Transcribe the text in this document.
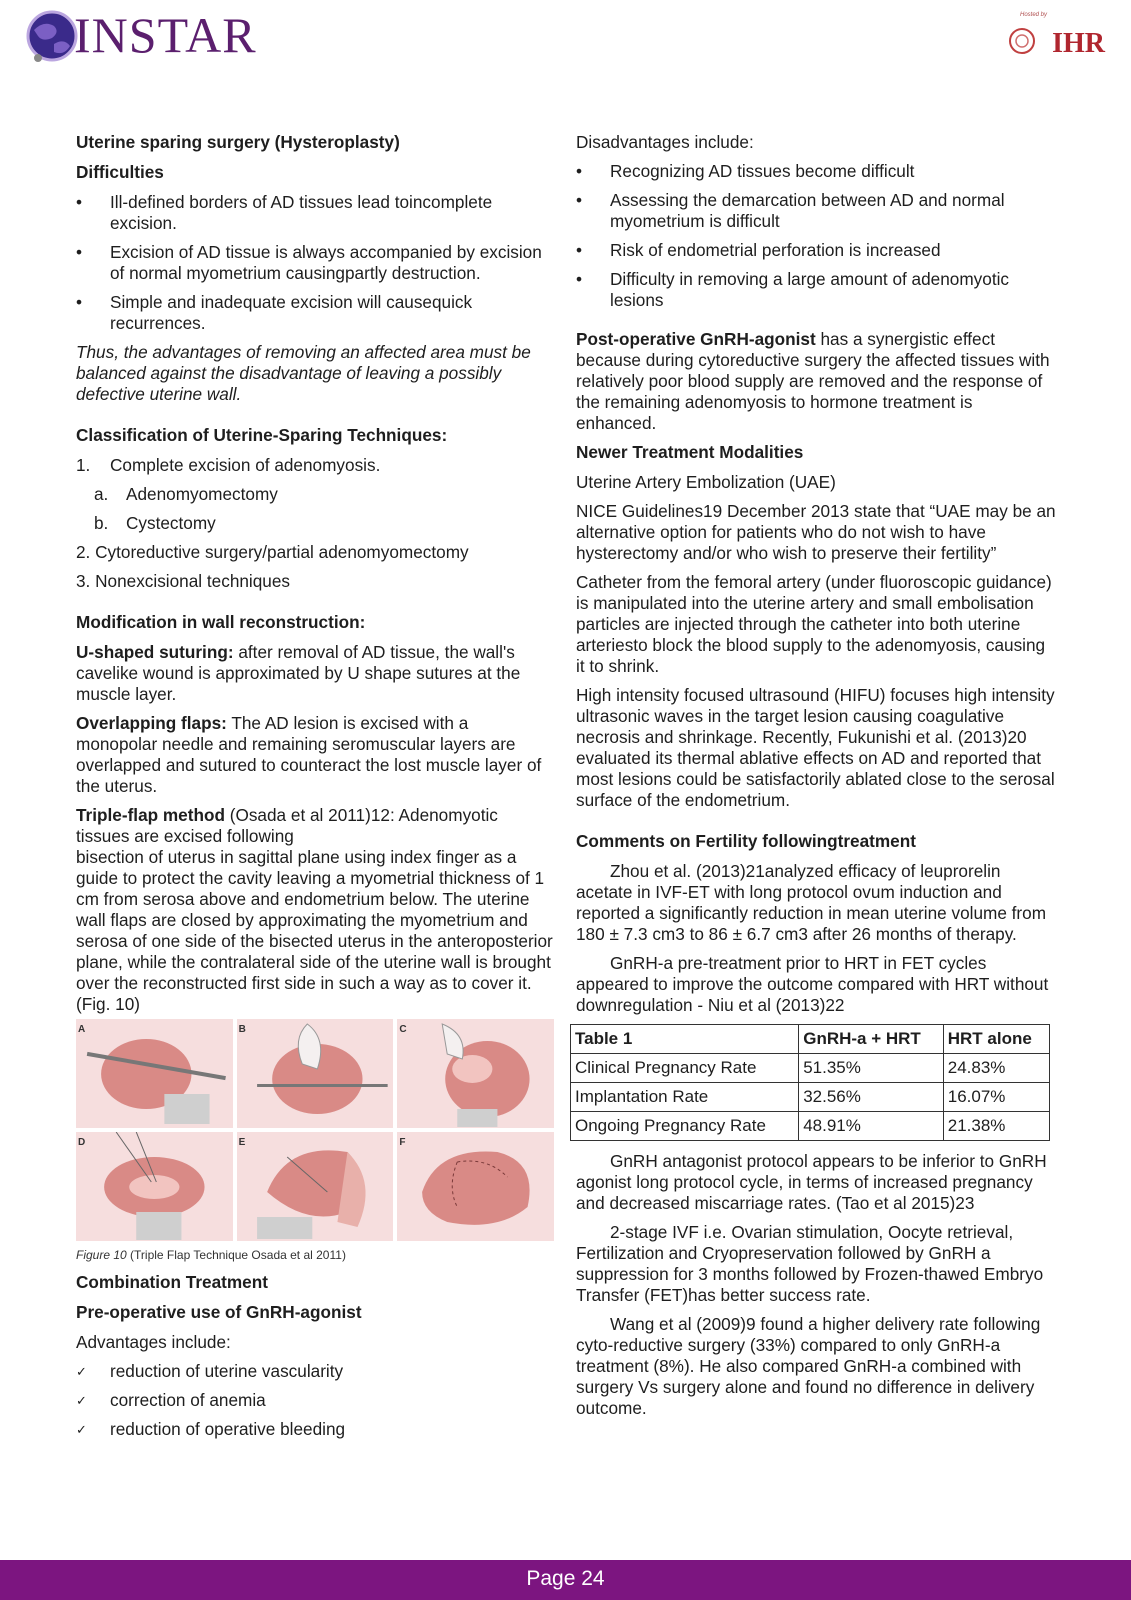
INSTAR	Hosted by
IHR

Uterine sparing surgery (Hysteroplasty)

Difficulties

• Ill-defined borders of AD tissues lead toincomplete excision.
• Excision of AD tissue is always accompanied by excision of normal myometrium causingpartly destruction.
• Simple and inadequate excision will causequick recurrences.

Thus, the advantages of removing an affected area must be balanced against the disadvantage of leaving a possibly defective uterine wall.

Classification of Uterine-Sparing Techniques:

1.	Complete excision of adenomyosis.
a.	Adenomyomectomy
b.	Cystectomy

2. Cytoreductive surgery/partial adenomyomectomy

3. Nonexcisional techniques

Modification in wall reconstruction:

U-shaped suturing: after removal of AD tissue, the wall's cavelike wound is approximated by U shape sutures at the muscle layer.

Overlapping flaps: The AD lesion is excised with a monopolar needle and remaining seromuscular layers are overlapped and sutured to counteract the lost muscle layer of the uterus.

Triple-flap method (Osada et al 2011)12: Adenomyotic tissues are excised following
bisection of uterus in sagittal plane using index finger as a guide to protect the cavity leaving a myometrial thickness of 1 cm from serosa above and endometrium below. The uterine wall flaps are closed by approximating the myometrium and serosa of one side of the bisected uterus in the anteroposterior plane, while the contralateral side of the uterine wall is brought over the reconstructed first side in such a way as to cover it. (Fig. 10)

A	B	C
D	E	F

Figure 10 (Triple Flap Technique Osada et al 2011)

Combination Treatment

Pre-operative use of GnRH-agonist

Advantages include:

✓ reduction of uterine vascularity
✓ correction of anemia
✓ reduction of operative bleeding

Disadvantages include:

• Recognizing AD tissues become difficult
• Assessing the demarcation between AD and normal myometrium is difficult
• Risk of endometrial perforation is increased
• Difficulty in removing a large amount of adenomyotic lesions

Post-operative GnRH-agonist has a synergistic effect because during cytoreductive surgery the affected tissues with relatively poor blood supply are removed and the response of the remaining adenomyosis to hormone treatment is enhanced.

Newer Treatment Modalities

Uterine Artery Embolization (UAE)

NICE Guidelines19 December 2013 state that “UAE may be an alternative option for patients who do not wish to have hysterectomy and/or who wish to preserve their fertility”

Catheter from the femoral artery (under fluoroscopic guidance) is manipulated into the uterine artery and small embolisation particles are injected through the catheter into both uterine arteriesto block the blood supply to the adenomyosis, causing it to shrink.

High intensity focused ultrasound (HIFU) focuses high intensity ultrasonic waves in the target lesion causing coagulative necrosis and shrinkage. Recently, Fukunishi et al. (2013)20 evaluated its thermal ablative effects on AD and reported that most lesions could be satisfactorily ablated close to the serosal surface of the endometrium.

Comments on Fertility followingtreatment

Zhou et al. (2013)21analyzed efficacy of leuprorelin acetate in IVF-ET with long protocol ovum induction and reported a significantly reduction in mean uterine volume from 180 ± 7.3 cm3 to 86 ± 6.7 cm3 after 26 months of therapy.

GnRH-a pre-treatment prior to HRT in FET cycles appeared to improve the outcome compared with HRT without downregulation - Niu et al (2013)22

Table 1	GnRH-a + HRT	HRT alone
Clinical Pregnancy Rate	51.35%	24.83%
Implantation Rate	32.56%	16.07%
Ongoing Pregnancy Rate	48.91%	21.38%

GnRH antagonist protocol appears to be inferior to GnRH agonist long protocol cycle, in terms of increased pregnancy and decreased miscarriage rates. (Tao et al 2015)23

2-stage IVF i.e. Ovarian stimulation, Oocyte retrieval, Fertilization and Cryopreservation followed by GnRH a suppression for 3 months followed by Frozen-thawed Embryo Transfer (FET)has better success rate.

Wang et al (2009)9 found a higher delivery rate following cyto-reductive surgery (33%) compared to only GnRH-a treatment (8%). He also compared GnRH-a combined with surgery Vs surgery alone and found no difference in delivery outcome.

Page 24
